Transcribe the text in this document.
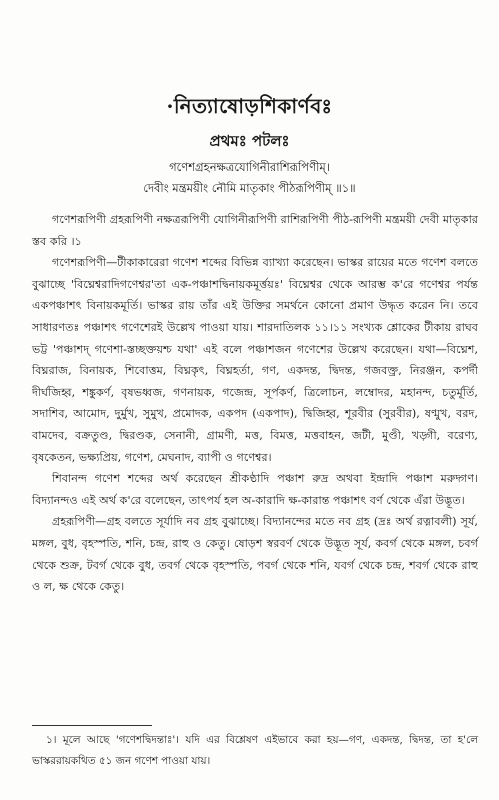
·নিত্যাষোড়শিকার্ণবঃ
প্রথমঃ পটলঃ
গণেশগ্রহনক্ষত্রযোগিনীরাশিরূপিণীম্।
দেবীং মন্ত্রময়ীং নৌমি মাতৃকাং পীঠরূপিণীম্ ॥১॥

গণেশরূপিণী গ্রহরূপিণী নক্ষত্ররূপিণী যোগিনীরূপিণী রাশিরূপিণী পীঠ-রূপিণী মন্ত্রময়ী দেবী মাতৃকার স্তব করি ।১

গণেশরূপিণী—টীকাকারেরা গণেশ শব্দের বিভিন্ন ব্যাখ্যা করেছেন। ভাস্কর রায়ের মতে গণেশ বলতে বুঝাচ্ছে 'বিঘ্নেশ্বরাদিগণেশ্বর'তা এক-পঞ্চাশদ্বিনায়কমূর্ত্তয়ঃ' বিঘ্নেশ্বর থেকে আরম্ভ ক'রে গণেশ্বর পর্যন্ত একপঞ্চাশৎ বিনায়কমূর্তি। ভাস্কর রায় তাঁর এই উক্তির সমর্থনে কোনো প্রমাণ উদ্ধৃত করেন নি। তবে সাধারণতঃ পঞ্চাশৎ গণেশেরই উল্লেখ পাওয়া যায়। শারদাতিলক ১১।১১ সংখ্যক শ্লোকের টীকায় রাঘব ভট্ট 'পঞ্চাশদ্ গণেশা-স্তচ্ছক্তয়শ্চ যথা' এই বলে পঞ্চাশজন গণেশের উল্লেখ করেছেন। যথা—বিঘ্নেশ, বিঘ্নরাজ, বিনায়ক, শিবোত্তম, বিঘ্নকৃৎ, বিঘ্নহর্তা, গণ, একদন্ত, দ্বিদন্ত, গজবক্ত্র, নিরঞ্জন, কপর্দী দীর্ঘজিহ্ব, শঙ্কুকর্ণ, বৃষভধ্বজ, গণনায়ক, গজেন্দ্র, সূর্পকর্ণ, ত্রিলোচন, লম্বোদর, মহানন্দ, চতুর্মূর্তি, সদাশিব, আমোদ, দুর্মুখ, সুমুখ, প্রমোদক, একপদ (একপাদ), দ্বিজিহ্ব, শূরবীর (সুরবীর), ষণ্মুখ, বরদ, বামদেব, বক্রতুণ্ড, দ্বিরণ্ডক, সেনানী, গ্রামণী, মত্ত, বিমত্ত, মত্তবাহন, জটী, মুণ্ডী, খড়্গী, বরেণ্য, বৃষকেতন, ভক্ষ্যপ্রিয়, গণেশ, মেঘনাদ, ব্যাপী ও গণেশ্বর।

শিবানন্দ গণেশ শব্দের অর্থ করেছেন শ্রীকণ্ঠাদি পঞ্চাশ রুদ্র অথবা ইন্দ্রাদি পঞ্চাশ মরুদ্গণ। বিদ্যানন্দও এই অর্থ ক'রে বলেছেন, তাৎপর্য হল অ-কারাদি ক্ষ-কারান্ত পঞ্চাশৎ বর্ণ থেকে এঁরা উদ্ভূত।

গ্রহরূপিণী—গ্রহ বলতে সূর্যাদি নব গ্রহ বুঝাচ্ছে। বিদ্যানন্দের মতে নব গ্রহ (দ্রঃ অর্থ রত্নাবলী) সূর্য, মঙ্গল, বুধ, বৃহস্পতি, শনি, চন্দ্র, রাহু ও কেতু। ষোড়শ স্বরবর্ণ থেকে উদ্ভূত সূর্য, কবর্গ থেকে মঙ্গল, চবর্গ থেকে শুক্র, টবর্গ থেকে বুধ, তবর্গ থেকে বৃহস্পতি, পবর্গ থেকে শনি, যবর্গ থেকে চন্দ্র, শবর্গ থেকে রাহু ও ল, ক্ষ থেকে কেতু।

১। মূলে আছে 'গণেশদ্বিদন্তাঃ'। যদি এর বিশ্লেষণ এইভাবে করা হয়—গণ, একদন্ত, দ্বিদন্ত, তা হ'লে ভাস্কররায়কথিত ৫১ জন গণেশ পাওয়া যায়।
